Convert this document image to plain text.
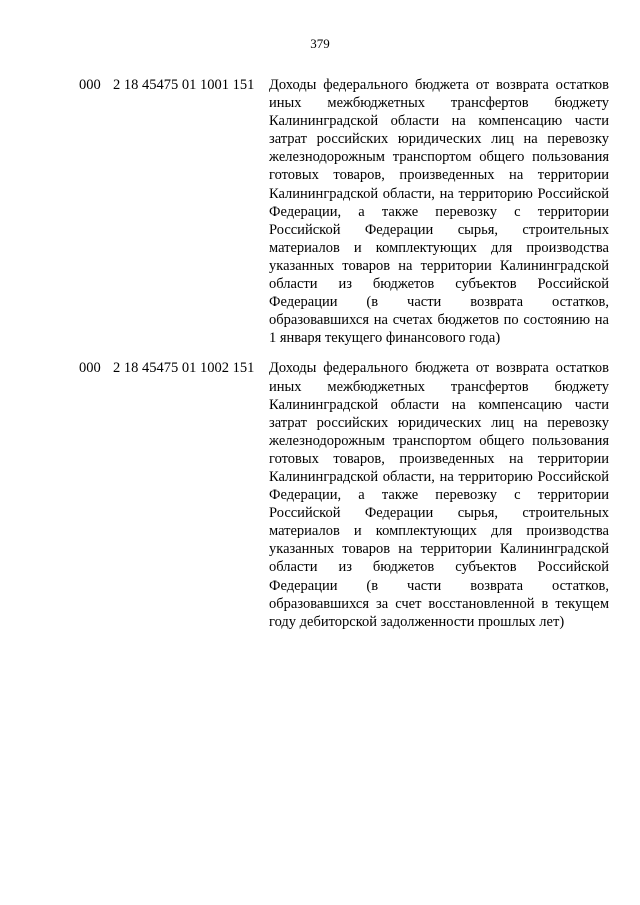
379
000 2 18 45475 01 1001 151	Доходы федерального бюджета от возврата остатков иных межбюджетных трансфертов бюджету Калининградской области на компенсацию части затрат российских юридических лиц на перевозку железнодорожным транспортом общего пользования готовых товаров, произведенных на территории Калининградской области, на территорию Российской Федерации, а также перевозку с территории Российской Федерации сырья, строительных материалов и комплектующих для производства указанных товаров на территории Калининградской области из бюджетов субъектов Российской Федерации (в части возврата остатков, образовавшихся на счетах бюджетов по состоянию на 1 января текущего финансового года)
000 2 18 45475 01 1002 151	Доходы федерального бюджета от возврата остатков иных межбюджетных трансфертов бюджету Калининградской области на компенсацию части затрат российских юридических лиц на перевозку железнодорожным транспортом общего пользования готовых товаров, произведенных на территории Калининградской области, на территорию Российской Федерации, а также перевозку с территории Российской Федерации сырья, строительных материалов и комплектующих для производства указанных товаров на территории Калининградской области из бюджетов субъектов Российской Федерации (в части возврата остатков, образовавшихся за счет восстановленной в текущем году дебиторской задолженности прошлых лет)
